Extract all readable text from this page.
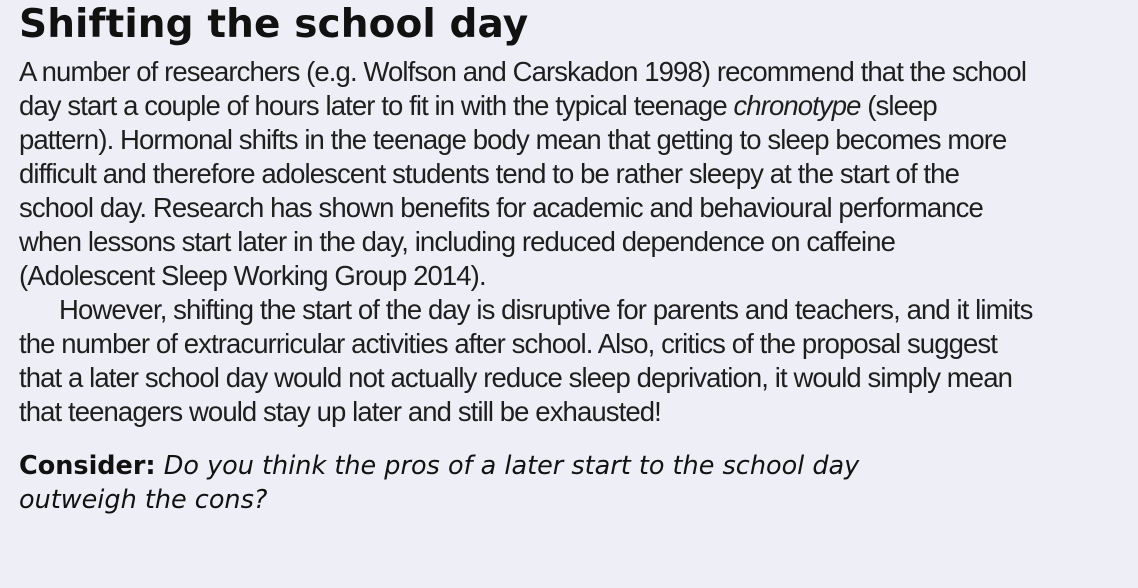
Shifting the school day
A number of researchers (e.g. Wolfson and Carskadon 1998) recommend that the school
day start a couple of hours later to fit in with the typical teenage chronotype (sleep
pattern). Hormonal shifts in the teenage body mean that getting to sleep becomes more
difficult and therefore adolescent students tend to be rather sleepy at the start of the
school day. Research has shown benefits for academic and behavioural performance
when lessons start later in the day, including reduced dependence on caffeine
(Adolescent Sleep Working Group 2014).
However, shifting the start of the day is disruptive for parents and teachers, and it limits
the number of extracurricular activities after school. Also, critics of the proposal suggest
that a later school day would not actually reduce sleep deprivation, it would simply mean
that teenagers would stay up later and still be exhausted!
Consider: Do you think the pros of a later start to the school day
outweigh the cons?
